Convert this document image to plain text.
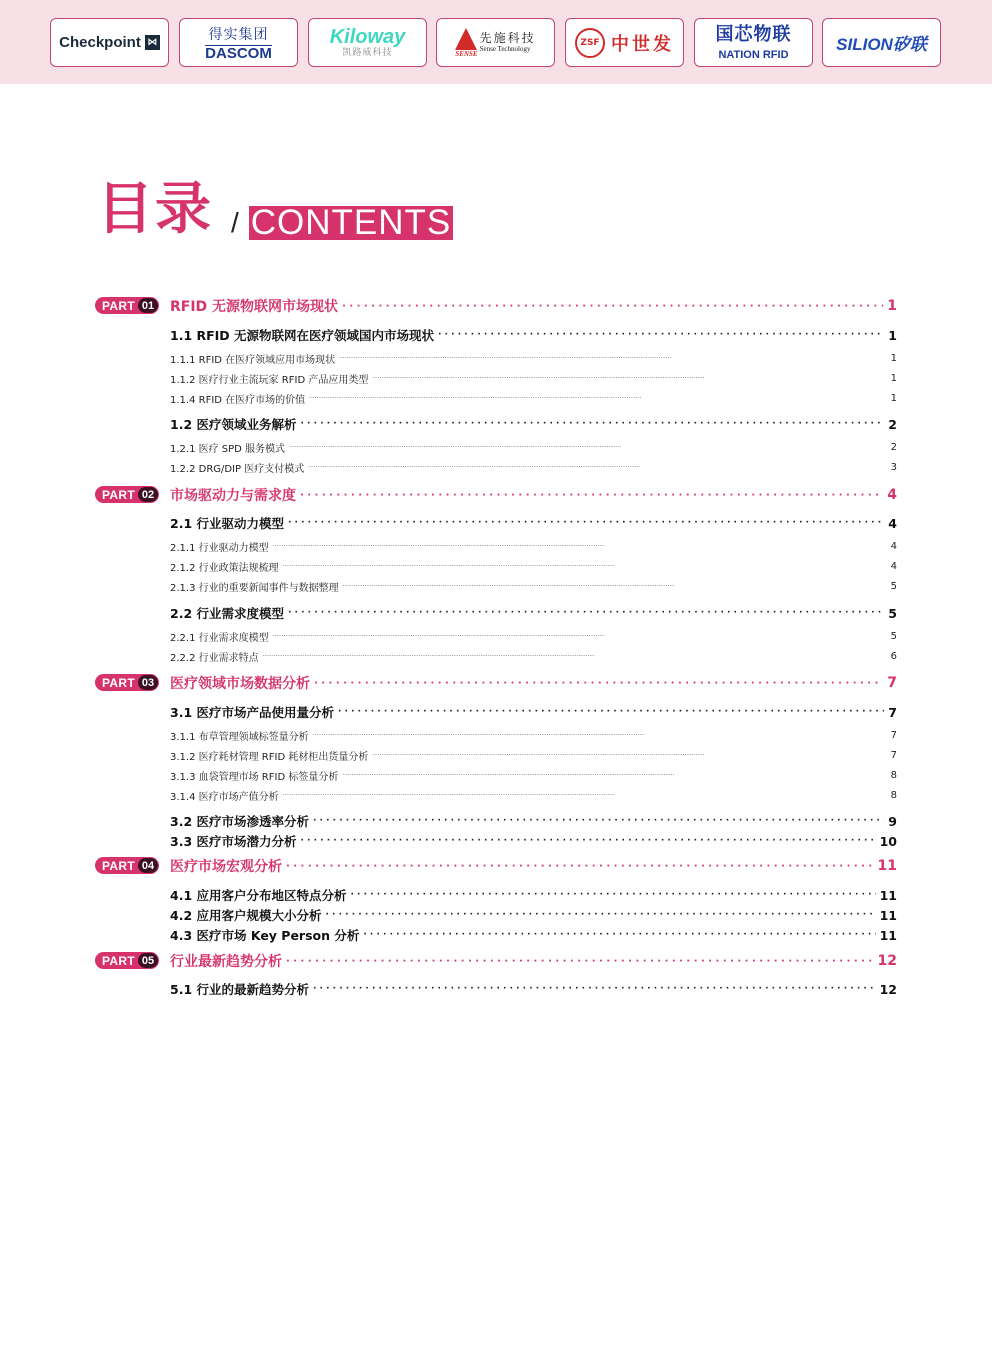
Checkpoint ⋈	得实集团
DASCOM
Kiloway
凯路威科技	SENSE
先施科技
Sense Technology
ZSF 中世发 国芯物联
NATION RFID
SILION矽联
目录 / CONTENTS
PART 01 RFID 无源物联网市场现状 · · ·	1
1.1 RFID 无源物联网在医疗领域国内市场现状 · · ·	1
1.1.1 RFID 在医疗领域应用市场现状 · · ·	1
1.1.2 医疗行业主流玩家 RFID 产品应用类型 · · ·	1
1.1.4 RFID 在医疗市场的价值 · · ·	1
1.2 医疗领域业务解析 · · ·	2
1.2.1 医疗 SPD 服务模式 · · ·	2
1.2.2 DRG/DIP 医疗支付模式 · · ·	3
PART 02 市场驱动力与需求度 · · ·	4
2.1 行业驱动力模型 · · ·	4
2.1.1 行业驱动力模型 · · ·	4
2.1.2 行业政策法规梳理 · · ·	4
2.1.3 行业的重要新闻事件与数据整理 · · ·	5
2.2 行业需求度模型 · · ·	5
2.2.1 行业需求度模型 · · ·	5
2.2.2 行业需求特点 · · ·	6
PART 03 医疗领域市场数据分析 · · ·	7
3.1 医疗市场产品使用量分析 · · ·	7
3.1.1 布草管理领域标签量分析 · · ·	7
3.1.2 医疗耗材管理 RFID 耗材柜出货量分析 · · ·	7
3.1.3 血袋管理市场 RFID 标签量分析 · · ·	8
3.1.4 医疗市场产值分析 · · ·	8
3.2 医疗市场渗透率分析 · · ·	9
3.3 医疗市场潜力分析 · · ·	10
PART 04 医疗市场宏观分析 · · ·	11
4.1 应用客户分布地区特点分析 · · ·	11
4.2 应用客户规模大小分析 · · ·	11
4.3 医疗市场 Key Person 分析 · · ·	11
PART 05 行业最新趋势分析 · · ·	12
5.1 行业的最新趋势分析 · · ·	12
